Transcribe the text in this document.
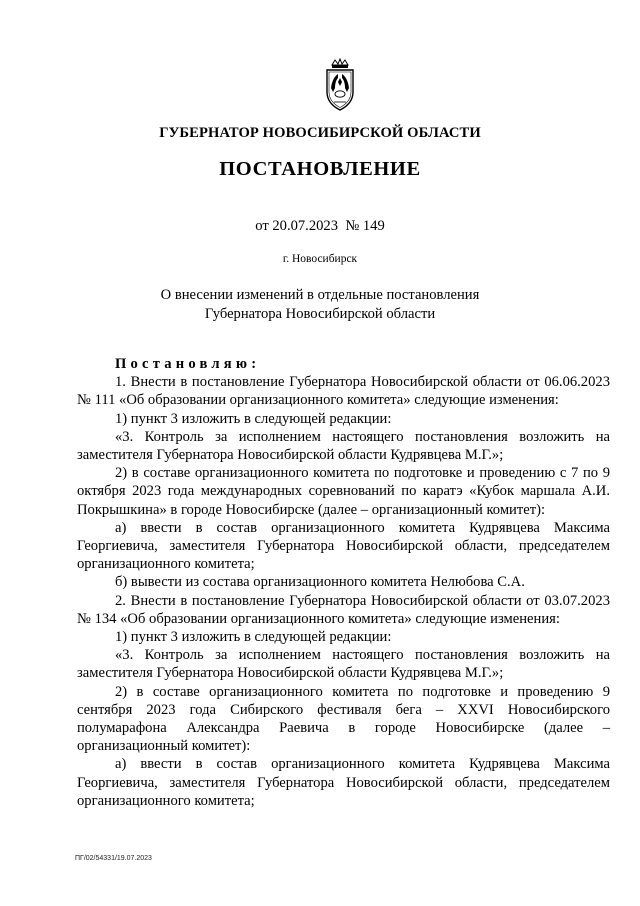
ГУБЕРНАТОР НОВОСИБИРСКОЙ ОБЛАСТИ
ПОСТАНОВЛЕНИЕ
от 20.07.2023  № 149
г. Новосибирск
О внесении изменений в отдельные постановления
Губернатора Новосибирской области

Постановляю:

1. Внести в постановление Губернатора Новосибирской области от 06.06.2023 № 111 «Об образовании организационного комитета» следующие изменения:

1) пункт 3 изложить в следующей редакции:

«3. Контроль за исполнением настоящего постановления возложить на заместителя Губернатора Новосибирской области Кудрявцева М.Г.»;

2) в составе организационного комитета по подготовке и проведению с 7 по 9 октября 2023 года международных соревнований по каратэ «Кубок маршала А.И. Покрышкина» в городе Новосибирске (далее – организационный комитет):

а) ввести в состав организационного комитета Кудрявцева Максима Георгиевича, заместителя Губернатора Новосибирской области, председателем организационного комитета;

б) вывести из состава организационного комитета Нелюбова С.А.

2. Внести в постановление Губернатора Новосибирской области от 03.07.2023 № 134 «Об образовании организационного комитета» следующие изменения:

1) пункт 3 изложить в следующей редакции:

«3. Контроль за исполнением настоящего постановления возложить на заместителя Губернатора Новосибирской области Кудрявцева М.Г.»;

2) в составе организационного комитета по подготовке и проведению 9 сентября 2023 года Сибирского фестиваля бега – XXVI Новосибирского полумарафона Александра Раевича в городе Новосибирске (далее – организационный комитет):

а) ввести в состав организационного комитета Кудрявцева Максима Георгиевича, заместителя Губернатора Новосибирской области, председателем организационного комитета;

ПГ/02/54331/19.07.2023
